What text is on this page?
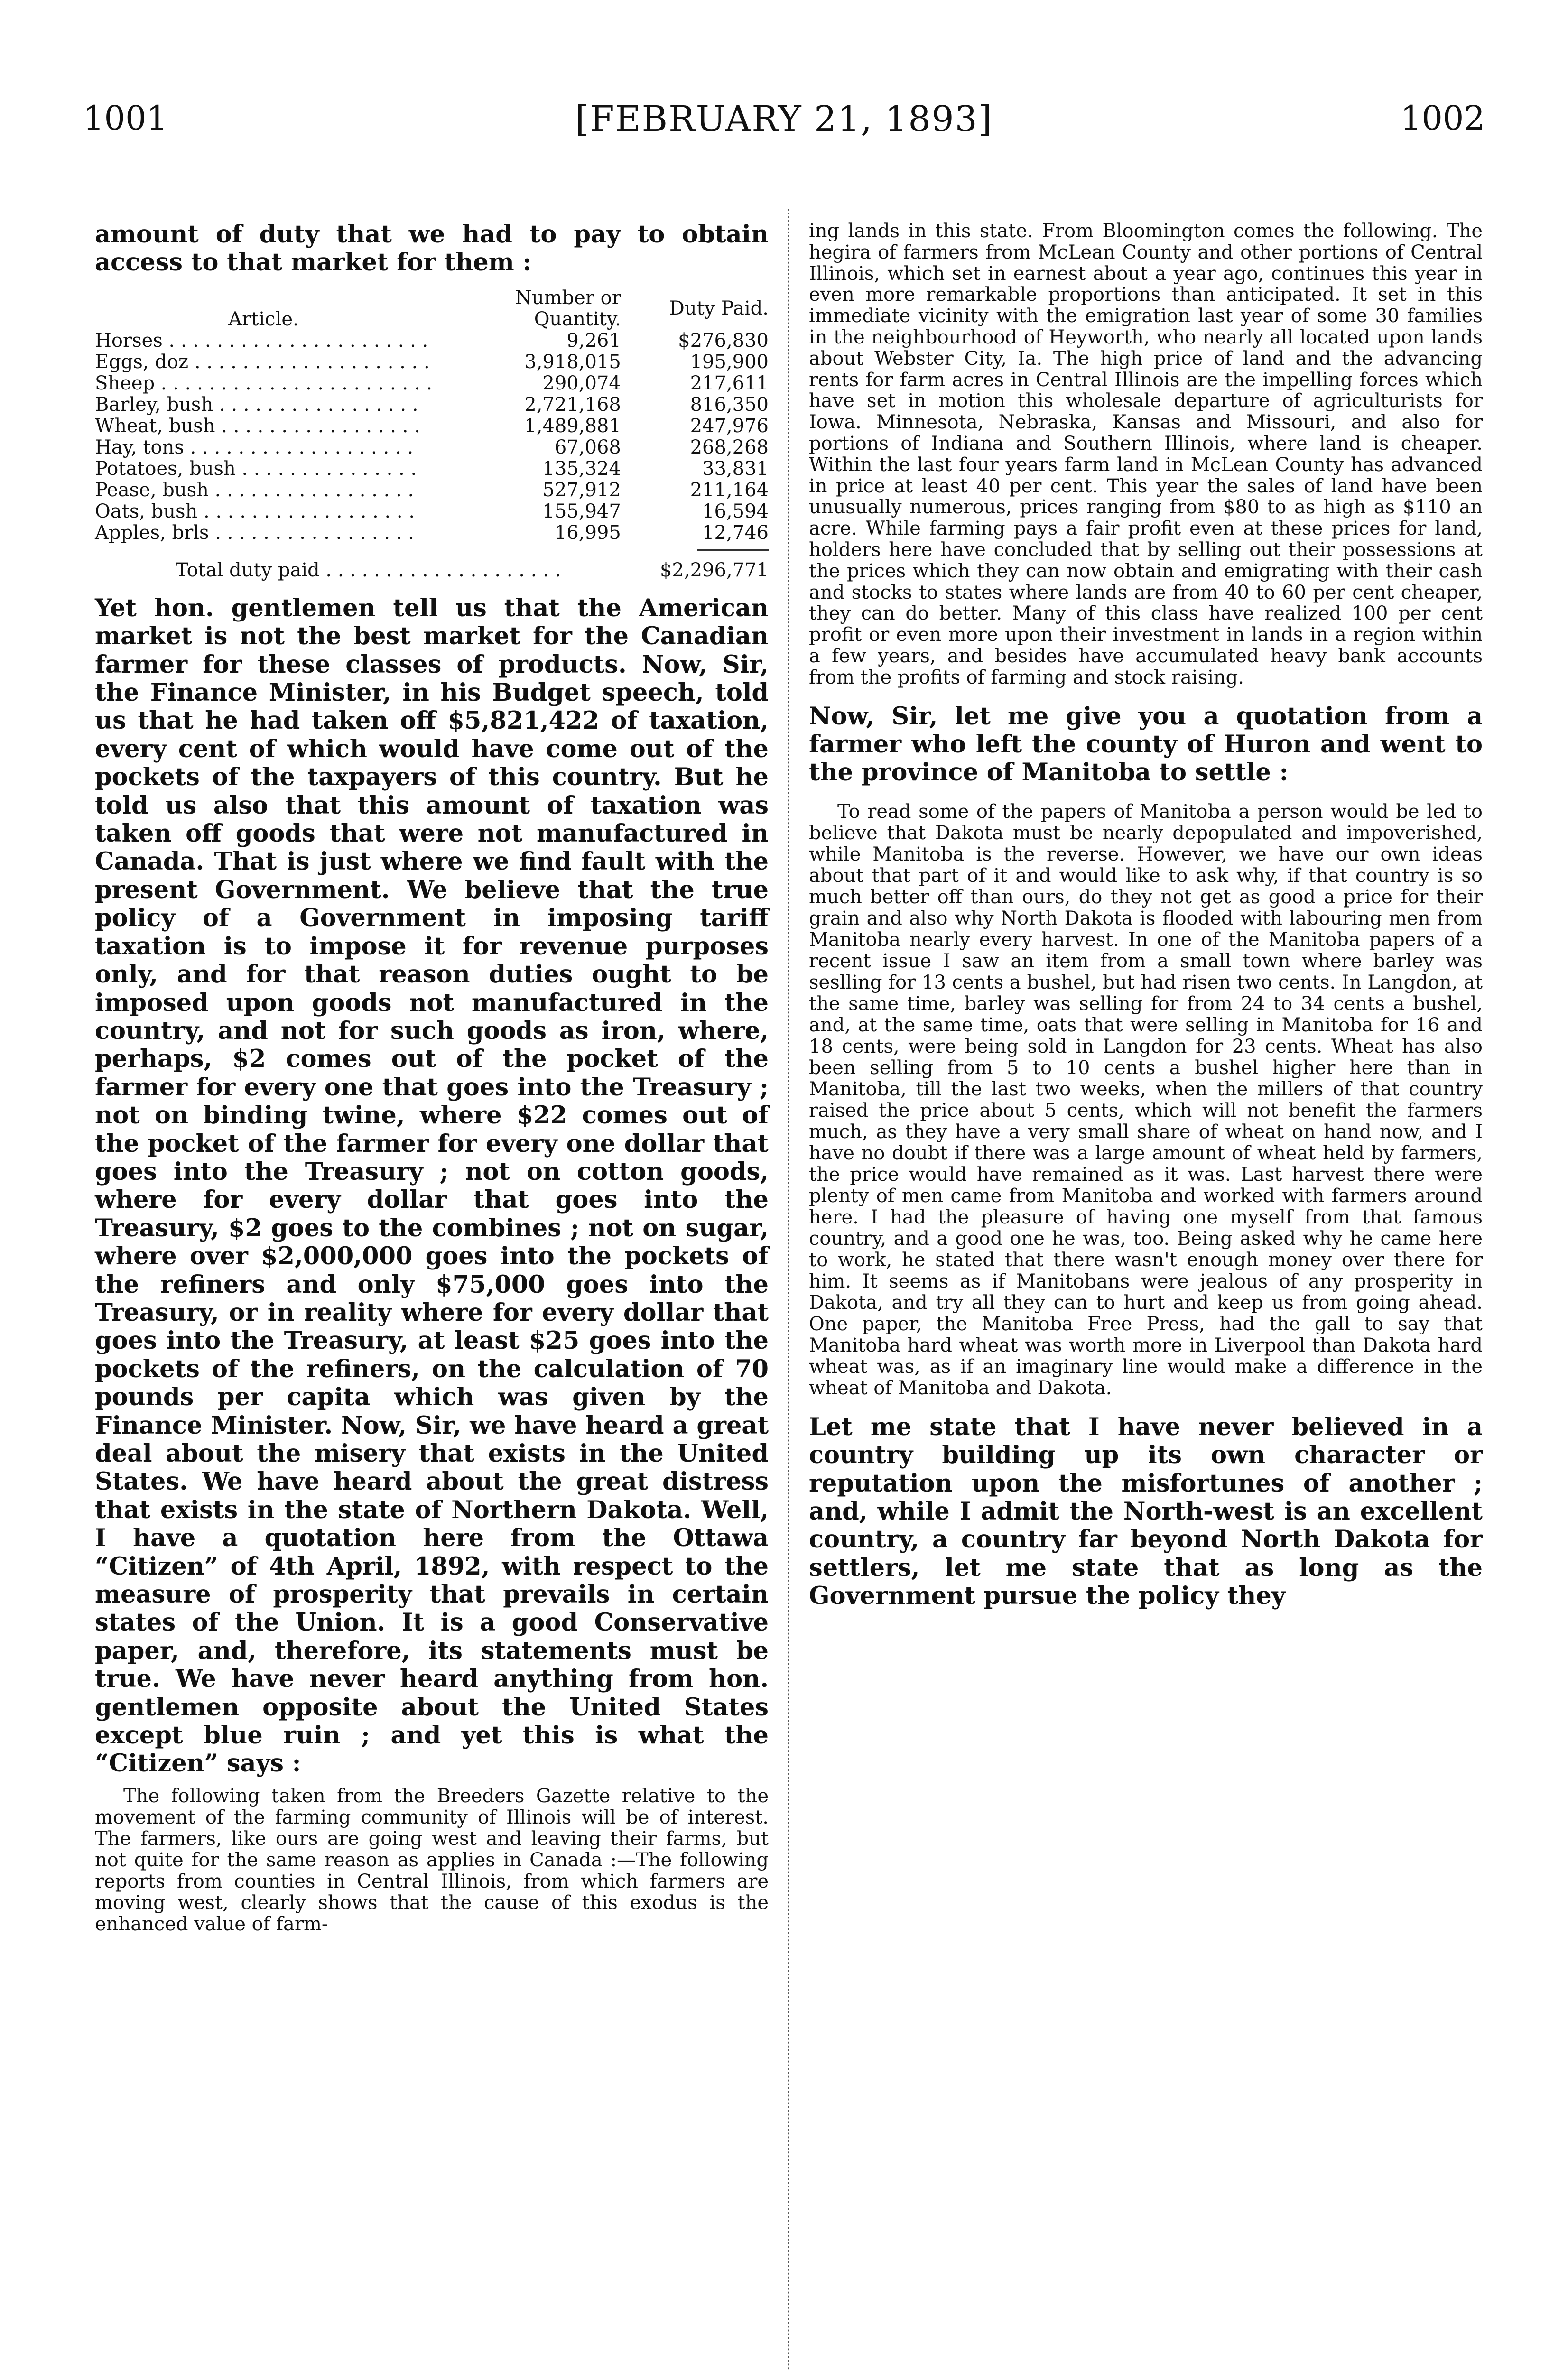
1001	[FEBRUARY 21, 1893]	1002

amount of duty that we had to pay to obtain access to that market for them :

Article.	Number or Quantity.	Duty Paid.
Horses . . . . . . . . . . . . . . . . . . . . . .	9,261	$276,830
Eggs, doz . . . . . . . . . . . . . . . . . . . .	3,918,015	195,900
Sheep . . . . . . . . . . . . . . . . . . . . . . .	290,074	217,611
Barley, bush . . . . . . . . . . . . . . . . .	2,721,168	816,350
Wheat, bush . . . . . . . . . . . . . . . . .	1,489,881	247,976
Hay, tons . . . . . . . . . . . . . . . . . . .	67,068	268,268
Potatoes, bush . . . . . . . . . . . . . . .	135,324	33,831
Pease, bush . . . . . . . . . . . . . . . . .	527,912	211,164
Oats, bush . . . . . . . . . . . . . . . . . .	155,947	16,594
Apples, brls . . . . . . . . . . . . . . . . .	16,995	12,746
Total duty paid . . . . . . . . . . . . . . . . . . . .	$2,296,771

Yet hon. gentlemen tell us that the American market is not the best market for the Canadian farmer for these classes of products. Now, Sir, the Finance Minister, in his Budget speech, told us that he had taken off $5,821,422 of taxation, every cent of which would have come out of the pockets of the taxpayers of this country. But he told us also that this amount of taxation was taken off goods that were not manufactured in Canada. That is just where we find fault with the present Government. We believe that the true policy of a Government in imposing tariff taxation is to impose it for revenue purposes only, and for that reason duties ought to be imposed upon goods not manufactured in the country, and not for such goods as iron, where, perhaps, $2 comes out of the pocket of the farmer for every one that goes into the Treasury ; not on binding twine, where $22 comes out of the pocket of the farmer for every one dollar that goes into the Treasury ; not on cotton goods, where for every dollar that goes into the Treasury, $2 goes to the combines ; not on sugar, where over $2,000,000 goes into the pockets of the refiners and only $75,000 goes into the Treasury, or in reality where for every dollar that goes into the Treasury, at least $25 goes into the pockets of the refiners, on the calculation of 70 pounds per capita which was given by the Finance Minister. Now, Sir, we have heard a great deal about the misery that exists in the United States. We have heard about the great distress that exists in the state of Northern Dakota. Well, I have a quotation here from the Ottawa “Citizen” of 4th April, 1892, with respect to the measure of prosperity that prevails in certain states of the Union. It is a good Conservative paper, and, therefore, its statements must be true. We have never heard anything from hon. gentlemen opposite about the United States except blue ruin ; and yet this is what the “Citizen” says :

The following taken from the Breeders Gazette relative to the movement of the farming community of Illinois will be of interest. The farmers, like ours are going west and leaving their farms, but not quite for the same reason as applies in Canada :—The following reports from counties in Central Illinois, from which farmers are moving west, clearly shows that the cause of this exodus is the enhanced value of farm-

ing lands in this state. From Bloomington comes the following. The hegira of farmers from McLean County and other portions of Central Illinois, which set in earnest about a year ago, continues this year in even more remarkable proportions than anticipated. It set in this immediate vicinity with the emigration last year of some 30 families in the neighbourhood of Heyworth, who nearly all located upon lands about Webster City, Ia. The high price of land and the advancing rents for farm acres in Central Illinois are the impelling forces which have set in motion this wholesale departure of agriculturists for Iowa. Minnesota, Nebraska, Kansas and Missouri, and also for portions of Indiana and Southern Illinois, where land is cheaper. Within the last four years farm land in McLean County has advanced in price at least 40 per cent. This year the sales of land have been unusually numerous, prices ranging from $80 to as high as $110 an acre. While farming pays a fair profit even at these prices for land, holders here have concluded that by selling out their possessions at the prices which they can now obtain and emigrating with their cash and stocks to states where lands are from 40 to 60 per cent cheaper, they can do better. Many of this class have realized 100 per cent profit or even more upon their investment in lands in a region within a few years, and besides have accumulated heavy bank accounts from the profits of farming and stock raising.

Now, Sir, let me give you a quotation from a farmer who left the county of Huron and went to the province of Manitoba to settle :

To read some of the papers of Manitoba a person would be led to believe that Dakota must be nearly depopulated and impoverished, while Manitoba is the reverse. However, we have our own ideas about that part of it and would like to ask why, if that country is so much better off than ours, do they not get as good a price for their grain and also why North Dakota is flooded with labouring men from Manitoba nearly every harvest. In one of the Manitoba papers of a recent issue I saw an item from a small town where barley was seslling for 13 cents a bushel, but had risen two cents. In Langdon, at the same time, barley was selling for from 24 to 34 cents a bushel, and, at the same time, oats that were selling in Manitoba for 16 and 18 cents, were being sold in Langdon for 23 cents. Wheat has also been selling from 5 to 10 cents a bushel higher here than in Manitoba, till the last two weeks, when the millers of that country raised the price about 5 cents, which will not benefit the farmers much, as they have a very small share of wheat on hand now, and I have no doubt if there was a large amount of wheat held by farmers, the price would have remained as it was. Last harvest there were plenty of men came from Manitoba and worked with farmers around here. I had the pleasure of having one myself from that famous country, and a good one he was, too. Being asked why he came here to work, he stated that there wasn't enough money over there for him. It seems as if Manitobans were jealous of any prosperity in Dakota, and try all they can to hurt and keep us from going ahead. One paper, the Manitoba Free Press, had the gall to say that Manitoba hard wheat was worth more in Liverpool than Dakota hard wheat was, as if an imaginary line would make a difference in the wheat of Manitoba and Dakota.

Let me state that I have never believed in a country building up its own character or reputation upon the misfortunes of another ; and, while I admit the North-west is an excellent country, a country far beyond North Dakota for settlers, let me state that as long as the Government pursue the policy they
